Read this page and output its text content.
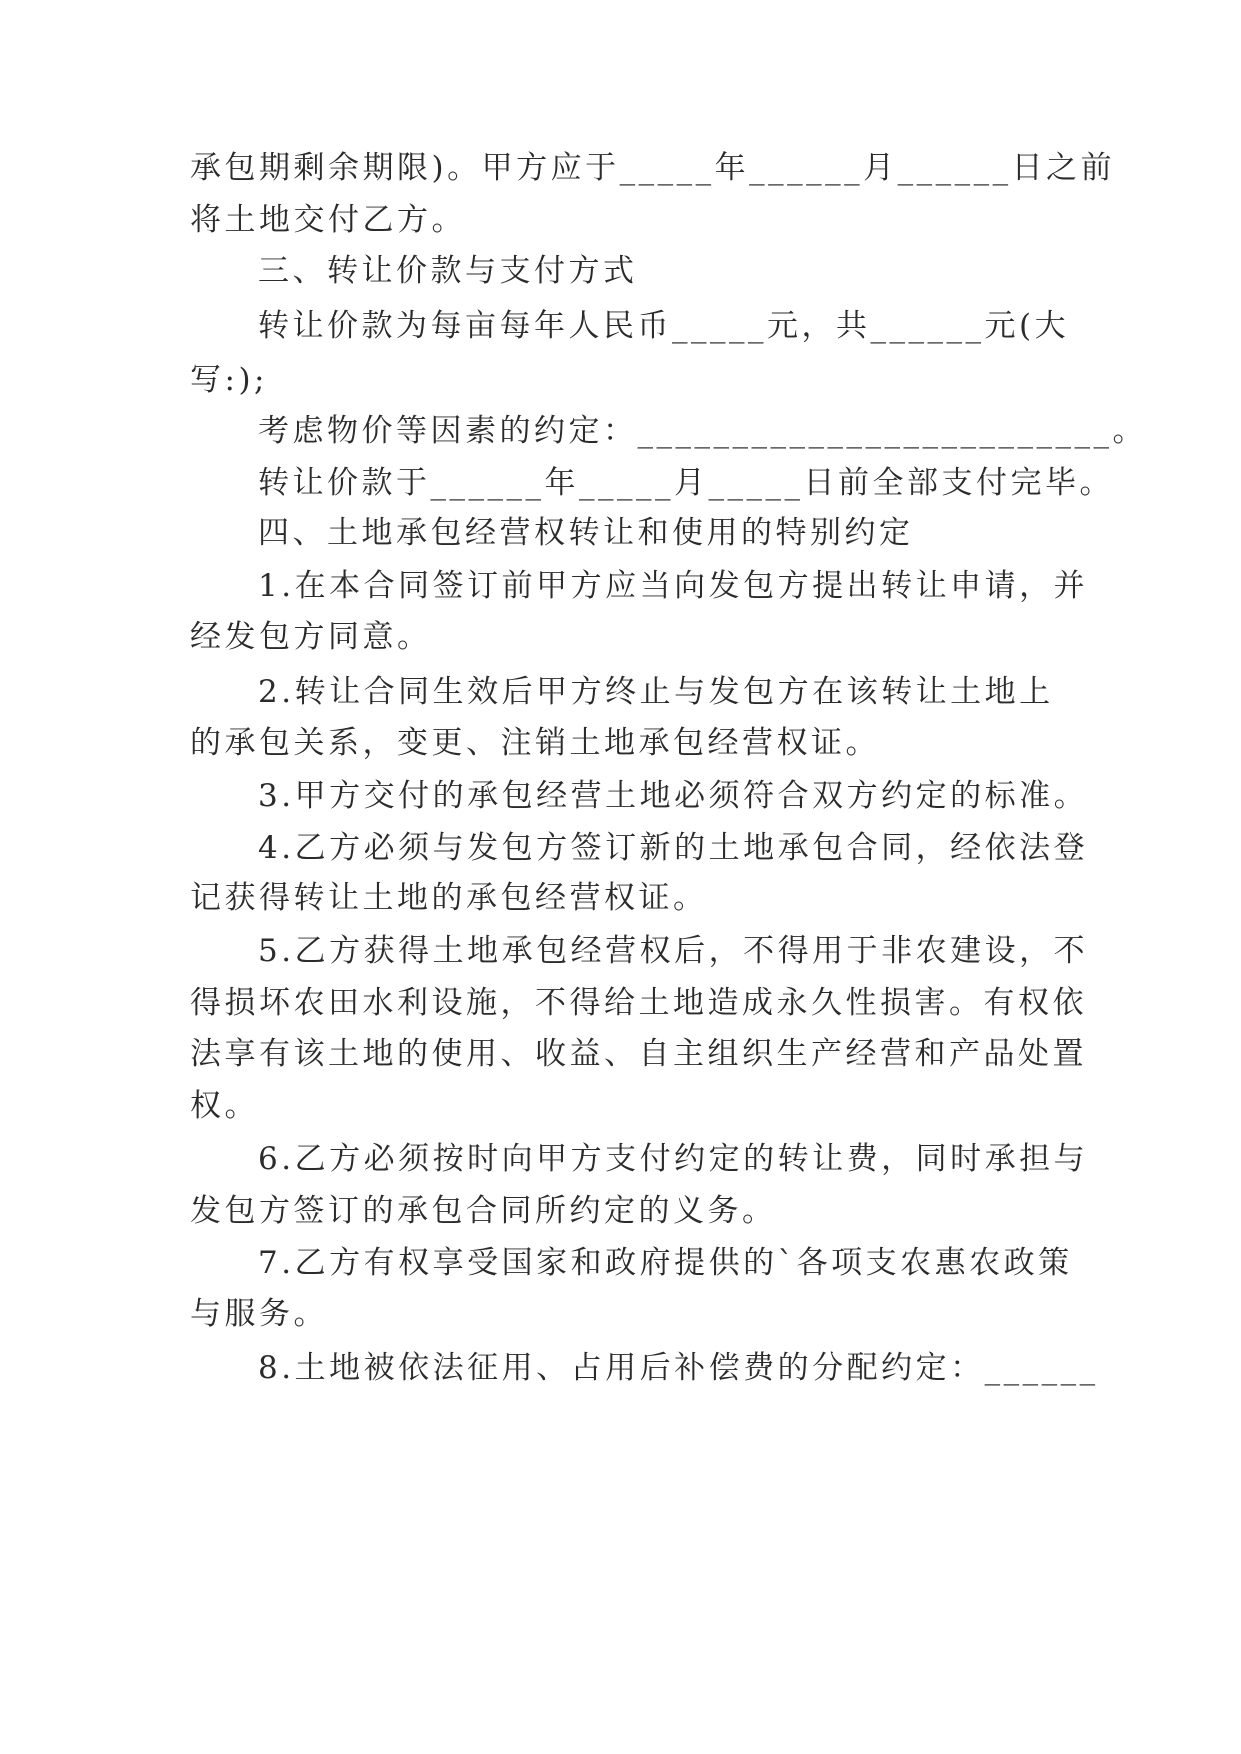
承包期剩余期限)。甲方应于_____年______月______日之前
将土地交付乙方。
三、转让价款与支付方式
转让价款为每亩每年人民币_____元，共______元(大
写:);
考虑物价等因素的约定：_________________________。
转让价款于______年_____月_____日前全部支付完毕。
四、土地承包经营权转让和使用的特别约定
1.在本合同签订前甲方应当向发包方提出转让申请，并
经发包方同意。
2.转让合同生效后甲方终止与发包方在该转让土地上
的承包关系，变更、注销土地承包经营权证。
3.甲方交付的承包经营土地必须符合双方约定的标准。
4.乙方必须与发包方签订新的土地承包合同，经依法登
记获得转让土地的承包经营权证。
5.乙方获得土地承包经营权后，不得用于非农建设，不
得损坏农田水利设施，不得给土地造成永久性损害。有权依
法享有该土地的使用、收益、自主组织生产经营和产品处置
权。
6.乙方必须按时向甲方支付约定的转让费，同时承担与
发包方签订的承包合同所约定的义务。
7.乙方有权享受国家和政府提供的`各项支农惠农政策
与服务。
8.土地被依法征用、占用后补偿费的分配约定：______
